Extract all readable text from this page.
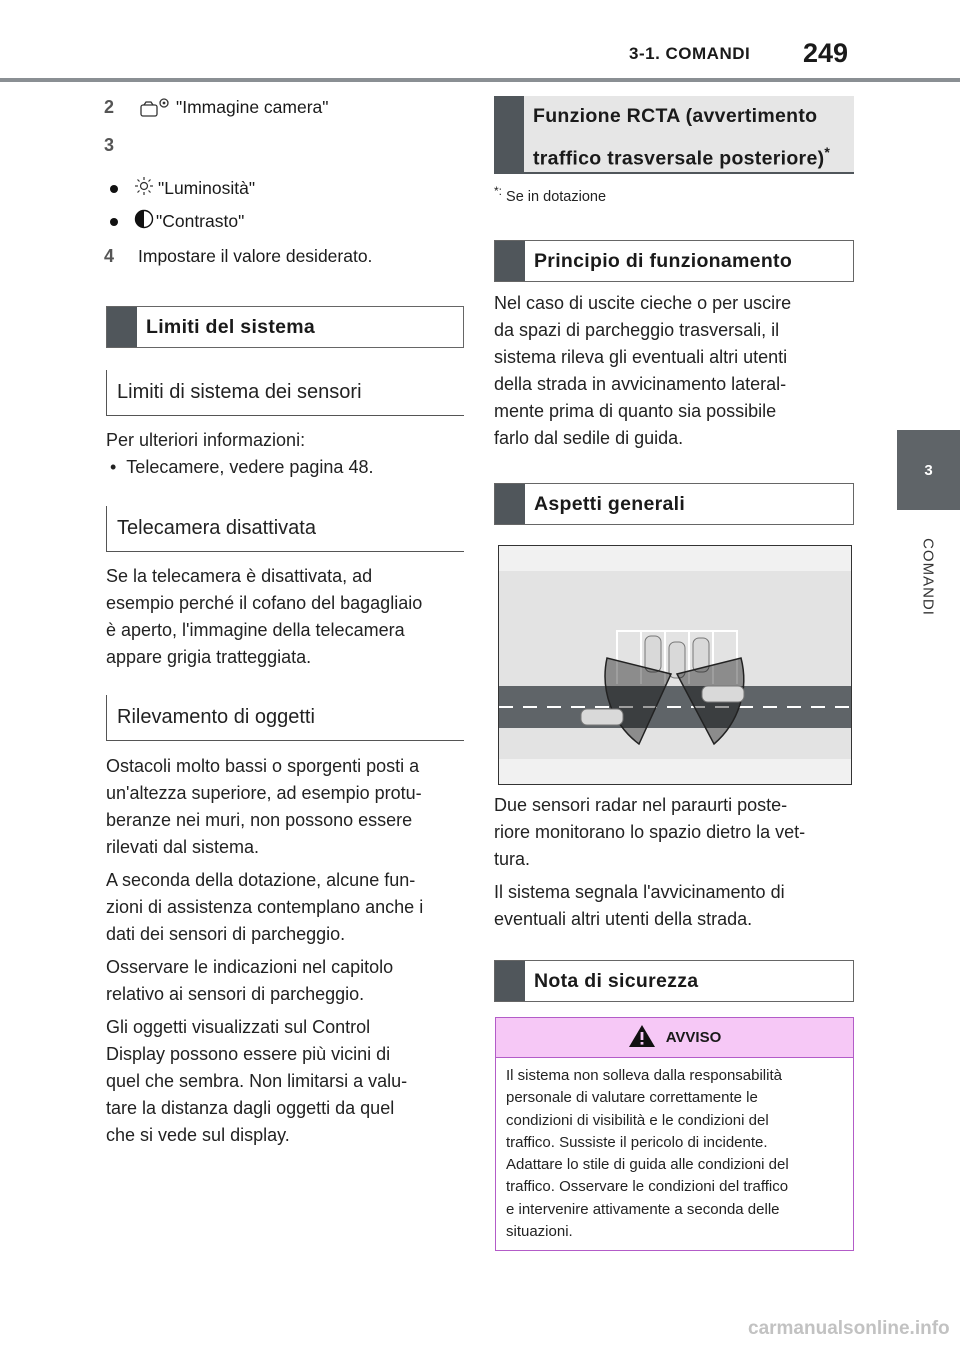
3-1. COMANDI 249
3
COMANDI
2	"Immagine camera"
3
"Luminosità"
"Contrasto"
4	Impostare il valore desiderato.
Limiti del sistema
Limiti di sistema dei sensori
Per ulteriori informazioni:
•  Telecamere, vedere pagina 48.
Telecamera disattivata
Se la telecamera è disattivata, ad
esempio perché il cofano del bagagliaio
è aperto, l'immagine della telecamera
appare grigia tratteggiata.
Rilevamento di oggetti
Ostacoli molto bassi o sporgenti posti a
un'altezza superiore, ad esempio protu-
beranze nei muri, non possono essere
rilevati dal sistema.
A seconda della dotazione, alcune fun-
zioni di assistenza contemplano anche i
dati dei sensori di parcheggio.
Osservare le indicazioni nel capitolo
relativo ai sensori di parcheggio.
Gli oggetti visualizzati sul Control
Display possono essere più vicini di
quel che sembra. Non limitarsi a valu-
tare la distanza dagli oggetti da quel
che si vede sul display.
Funzione RCTA (avvertimento
traffico trasversale posteriore)*
*: Se in dotazione
Principio di funzionamento
Nel caso di uscite cieche o per uscire
da spazi di parcheggio trasversali, il
sistema rileva gli eventuali altri utenti
della strada in avvicinamento lateral-
mente prima di quanto sia possibile
farlo dal sedile di guida.
Aspetti generali
Due sensori radar nel paraurti poste-
riore monitorano lo spazio dietro la vet-
tura.
Il sistema segnala l'avvicinamento di
eventuali altri utenti della strada.
Nota di sicurezza
AVVISO
Il sistema non solleva dalla responsabilità
personale di valutare correttamente le
condizioni di visibilità e le condizioni del
traffico. Sussiste il pericolo di incidente.
Adattare lo stile di guida alle condizioni del
traffico. Osservare le condizioni del traffico
e intervenire attivamente a seconda delle
situazioni.
carmanualsonline.info
